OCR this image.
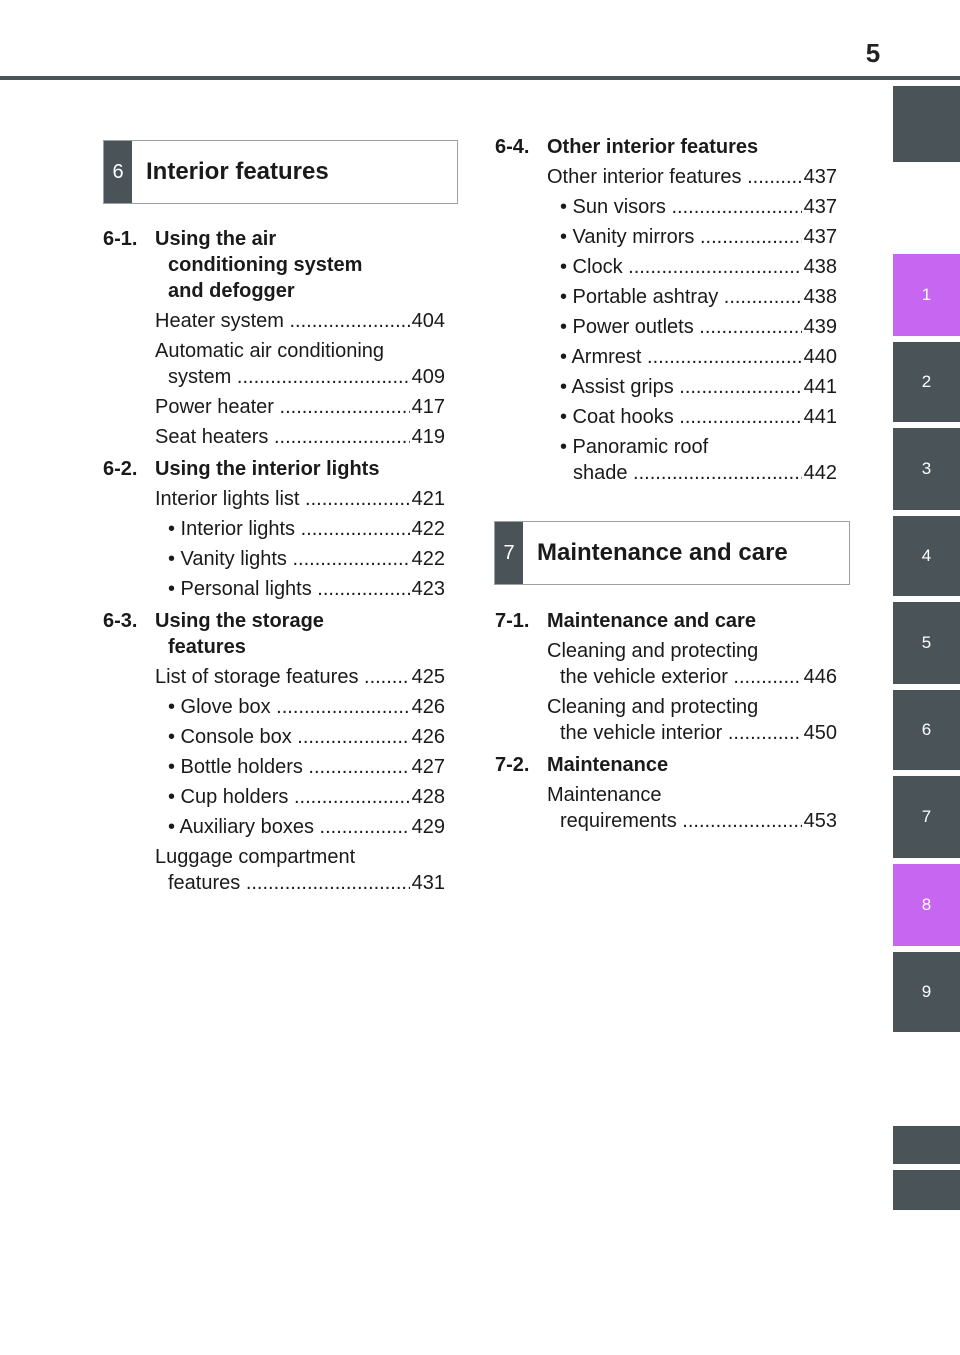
5
1
2
3
4
5
6
7
8
9
6 Interior features
7 Maintenance and care
6-1. Using the air
conditioning system
and defogger
Heater system .....	404
Automatic air conditioning
system .....	409
Power heater .....	417
Seat heaters .....	419
6-2. Using the interior lights
Interior lights list .....	421
• Interior lights .....	422
• Vanity lights .....	422
• Personal lights .....	423
6-3. Using the storage
features
List of storage features .....	425
• Glove box .....	426
• Console box .....	426
• Bottle holders .....	427
• Cup holders .....	428
• Auxiliary boxes .....	429
Luggage compartment
features .....	431
6-4. Other interior features
Other interior features .....	437
• Sun visors .....	437
• Vanity mirrors .....	437
• Clock .....	438
• Portable ashtray .....	438
• Power outlets .....	439
• Armrest .....	440
• Assist grips .....	441
• Coat hooks .....	441
• Panoramic roof
shade .....	442
7-1. Maintenance and care
Cleaning and protecting
the vehicle exterior .....	446
Cleaning and protecting
the vehicle interior .....	450
7-2. Maintenance
Maintenance
requirements .....	453
